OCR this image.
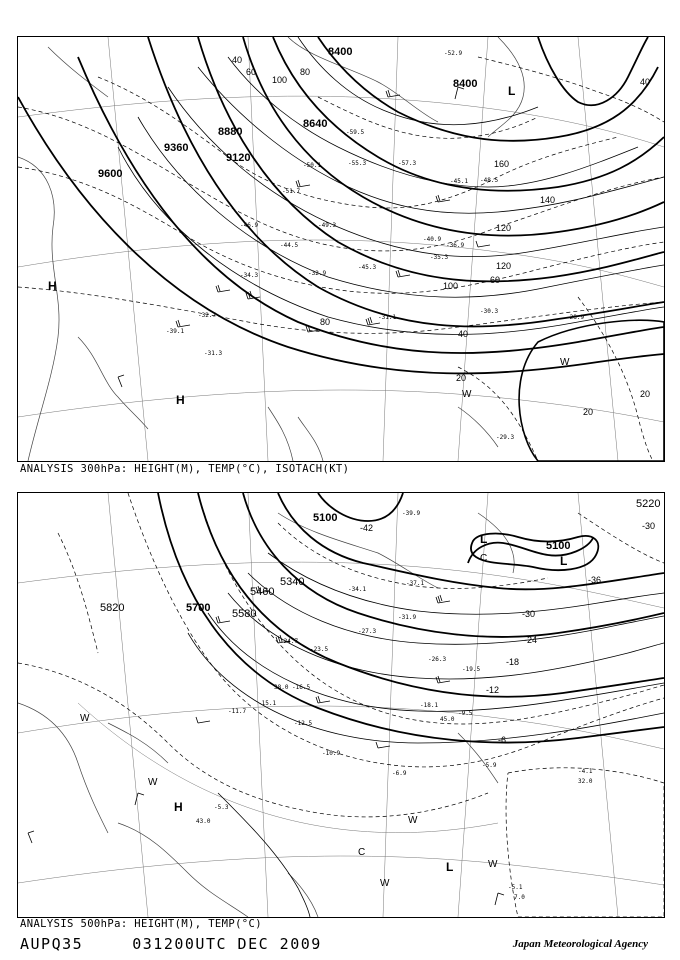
8400
8400
8640
8880
9120
9360
9600
40
60	80
100
120
140
160
120
100
80
60
40
20
20
20
40
-59.5
-57.3
-55.3
-51.7
-50.1
-48.5
-46.9
-45.3
-44.5
-40.9
-36.9
-35.3
-34.3	-32.9
-32.7	-31.1
-30.3
-28.9
-29.3
-31.3
-39.1
-45.1
-49.3
-52.9
H
H
L
W
W
ANALYSIS 300hPa: HEIGHT(M), TEMP(°C), ISOTACH(KT)
5100
5100
5220
5340
5460
5580
5700
5820
-42
-36
-30
-24
-18
-12
-6
-30
-39.9
-37.1
-34.1
-31.9
-27.3
-26.3
-24.7
-23.5
-19.5
-18.1
-16.5
-15.1
-12.5
-11.7
-10.9
-9.5
-6.9
-5.9
-5.3
-4.1
-5.1
43.0
45.0
38.0
32.0
7.0
L
L
L
C
C
H
W
W
W
W
W
ANALYSIS 500hPa: HEIGHT(M), TEMP(°C)
AUPQ35	031200UTC DEC 2009	Japan Meteorological Agency
